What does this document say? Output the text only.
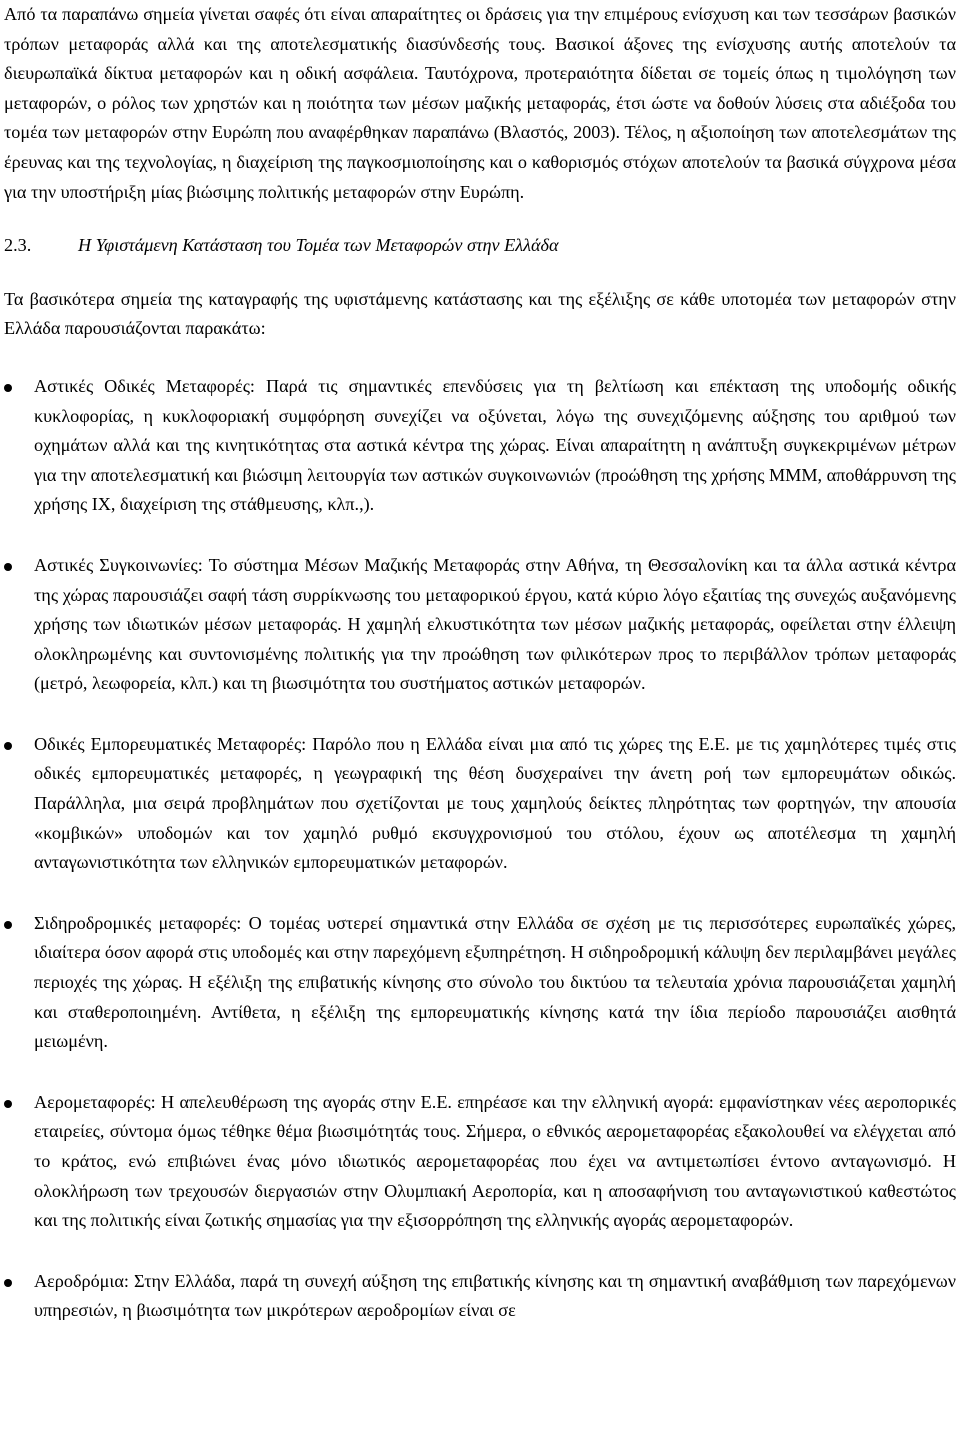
Από τα παραπάνω σημεία γίνεται σαφές ότι είναι απαραίτητες οι δράσεις για την επιμέρους ενίσχυση και των τεσσάρων βασικών τρόπων μεταφοράς αλλά και της αποτελεσματικής διασύνδεσής τους. Βασικοί άξονες της ενίσχυσης αυτής αποτελούν τα διευρωπαϊκά δίκτυα μεταφορών και η οδική ασφάλεια. Ταυτόχρονα, προτεραιότητα δίδεται σε τομείς όπως η τιμολόγηση των μεταφορών, ο ρόλος των χρηστών και η ποιότητα των μέσων μαζικής μεταφοράς, έτσι ώστε να δοθούν λύσεις στα αδιέξοδα του τομέα των μεταφορών στην Ευρώπη που αναφέρθηκαν παραπάνω (Βλαστός, 2003). Τέλος, η αξιοποίηση των αποτελεσμάτων της έρευνας και της τεχνολογίας, η διαχείριση της παγκοσμιοποίησης και ο καθορισμός στόχων αποτελούν τα βασικά σύγχρονα μέσα για την υποστήριξη μίας βιώσιμης πολιτικής μεταφορών στην Ευρώπη.

2.3.	Η Υφιστάμενη Κατάσταση του Τομέα των Μεταφορών στην Ελλάδα

Τα βασικότερα σημεία της καταγραφής της υφιστάμενης κατάστασης και της εξέλιξης σε κάθε υποτομέα των μεταφορών στην Ελλάδα παρουσιάζονται παρακάτω:

Αστικές Οδικές Μεταφορές: Παρά τις σημαντικές επενδύσεις για τη βελτίωση και επέκταση της υποδομής οδικής κυκλοφορίας, η κυκλοφοριακή συμφόρηση συνεχίζει να οξύνεται, λόγω της συνεχιζόμενης αύξησης του αριθμού των οχημάτων αλλά και της κινητικότητας στα αστικά κέντρα της χώρας. Είναι απαραίτητη η ανάπτυξη συγκεκριμένων μέτρων για την αποτελεσματική και βιώσιμη λειτουργία των αστικών συγκοινωνιών (προώθηση της χρήσης ΜΜΜ, αποθάρρυνση της χρήσης ΙΧ, διαχείριση της στάθμευσης, κλπ.,).
Αστικές Συγκοινωνίες: Το σύστημα Μέσων Μαζικής Μεταφοράς στην Αθήνα, τη Θεσσαλονίκη και τα άλλα αστικά κέντρα της χώρας παρουσιάζει σαφή τάση συρρίκνωσης του μεταφορικού έργου, κατά κύριο λόγο εξαιτίας της συνεχώς αυξανόμενης χρήσης των ιδιωτικών μέσων μεταφοράς. Η χαμηλή ελκυστικότητα των μέσων μαζικής μεταφοράς, οφείλεται στην έλλειψη ολοκληρωμένης και συντονισμένης πολιτικής για την προώθηση των φιλικότερων προς το περιβάλλον τρόπων μεταφοράς (μετρό, λεωφορεία, κλπ.) και τη βιωσιμότητα του συστήματος αστικών μεταφορών.
Οδικές Εμπορευματικές Μεταφορές: Παρόλο που η Ελλάδα είναι μια από τις χώρες της Ε.Ε. με τις χαμηλότερες τιμές στις οδικές εμπορευματικές μεταφορές, η γεωγραφική της θέση δυσχεραίνει την άνετη ροή των εμπορευμάτων οδικώς. Παράλληλα, μια σειρά προβλημάτων που σχετίζονται με τους χαμηλούς δείκτες πληρότητας των φορτηγών, την απουσία «κομβικών» υποδομών και τον χαμηλό ρυθμό εκσυγχρονισμού του στόλου, έχουν ως αποτέλεσμα τη χαμηλή ανταγωνιστικότητα των ελληνικών εμπορευματικών μεταφορών.
Σιδηροδρομικές μεταφορές: Ο τομέας υστερεί σημαντικά στην Ελλάδα σε σχέση με τις περισσότερες ευρωπαϊκές χώρες, ιδιαίτερα όσον αφορά στις υποδομές και στην παρεχόμενη εξυπηρέτηση. Η σιδηροδρομική κάλυψη δεν περιλαμβάνει μεγάλες περιοχές της χώρας. Η εξέλιξη της επιβατικής κίνησης στο σύνολο του δικτύου τα τελευταία χρόνια παρουσιάζεται χαμηλή και σταθεροποιημένη. Αντίθετα, η εξέλιξη της εμπορευματικής κίνησης κατά την ίδια περίοδο παρουσιάζει αισθητά μειωμένη.
Αερομεταφορές: Η απελευθέρωση της αγοράς στην Ε.Ε. επηρέασε και την ελληνική αγορά: εμφανίστηκαν νέες αεροπορικές εταιρείες, σύντομα όμως τέθηκε θέμα βιωσιμότητάς τους. Σήμερα, ο εθνικός αερομεταφορέας εξακολουθεί να ελέγχεται από το κράτος, ενώ επιβιώνει ένας μόνο ιδιωτικός αερομεταφορέας που έχει να αντιμετωπίσει έντονο ανταγωνισμό. Η ολοκλήρωση των τρεχουσών διεργασιών στην Ολυμπιακή Αεροπορία, και η αποσαφήνιση του ανταγωνιστικού καθεστώτος και της πολιτικής είναι ζωτικής σημασίας για την εξισορρόπηση της ελληνικής αγοράς αερομεταφορών.
Αεροδρόμια: Στην Ελλάδα, παρά τη συνεχή αύξηση της επιβατικής κίνησης και τη σημαντική αναβάθμιση των παρεχόμενων υπηρεσιών, η βιωσιμότητα των μικρότερων αεροδρομίων είναι σε
